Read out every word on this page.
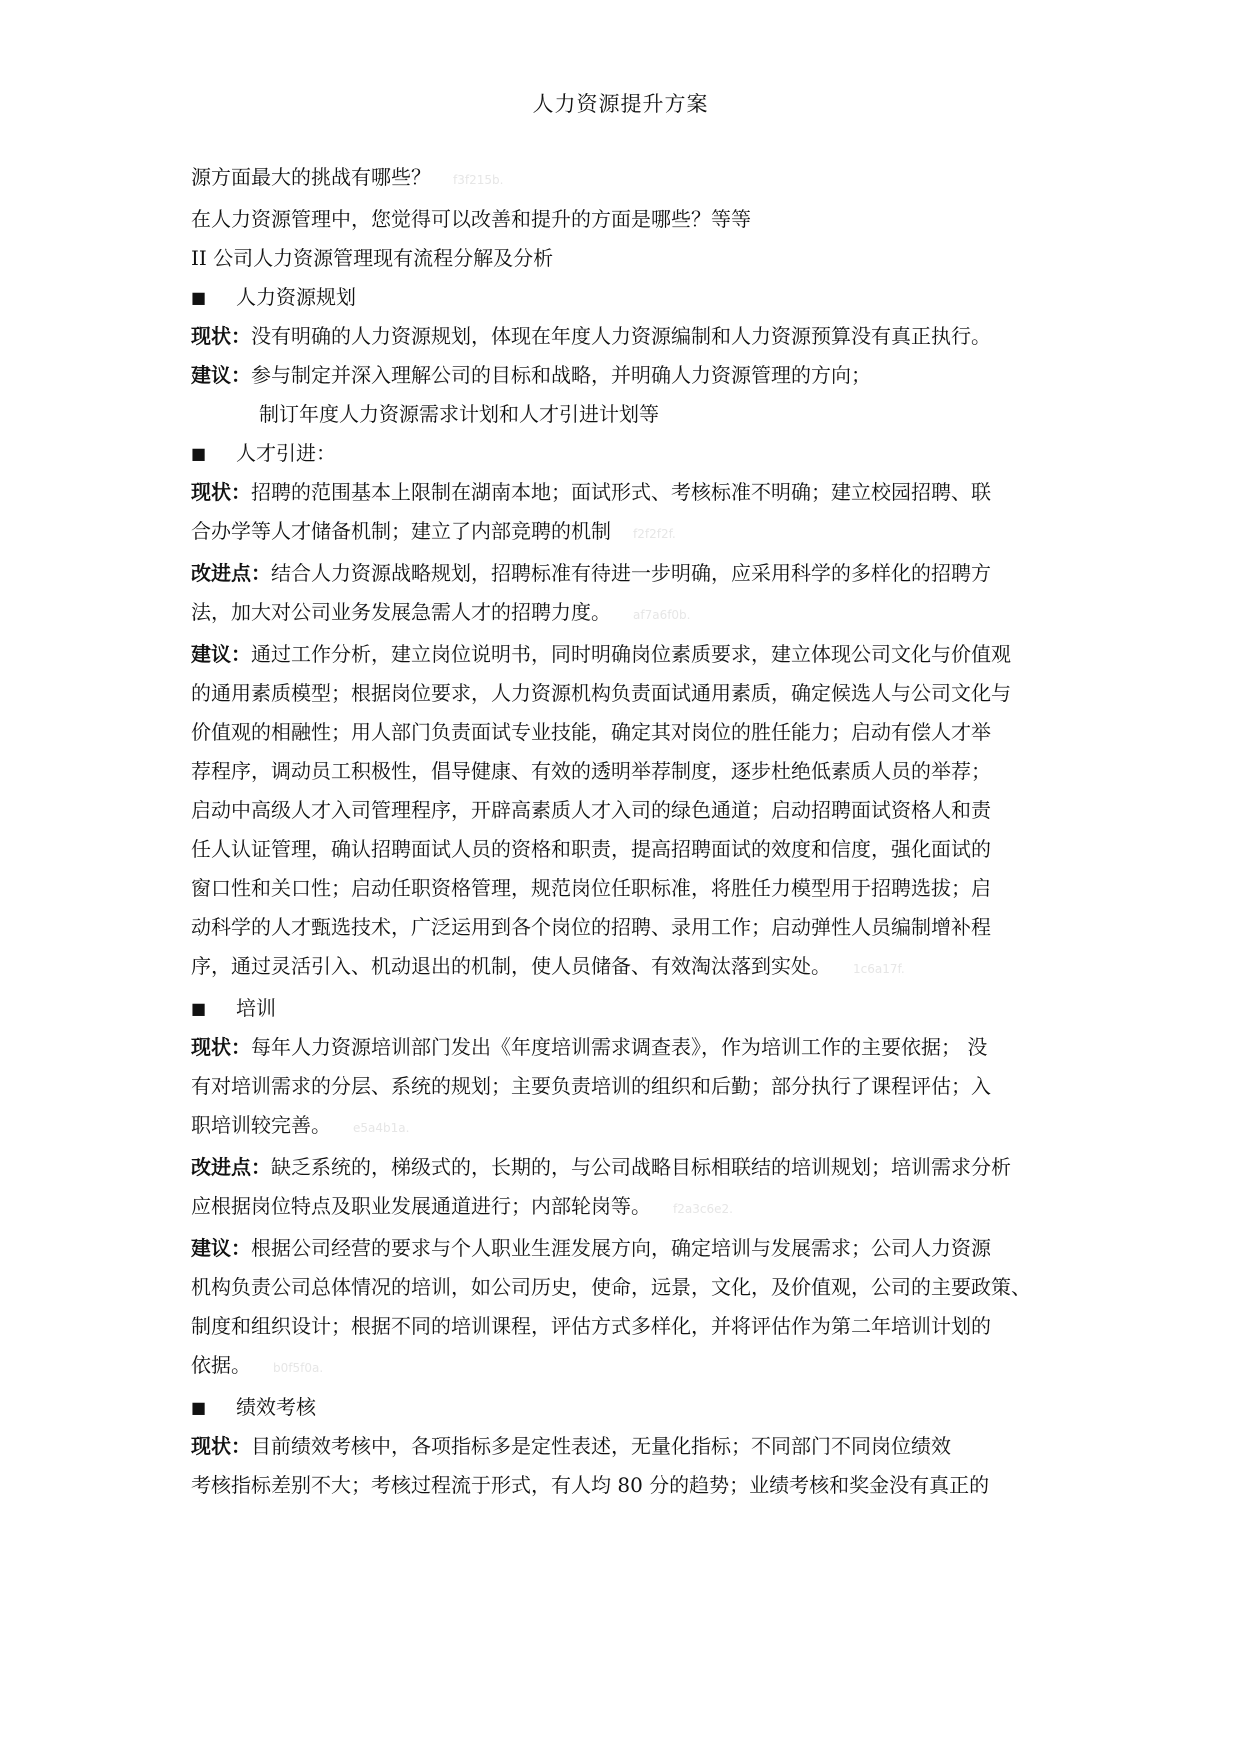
人力资源提升方案

源方面最大的挑战有哪些？ f3f215b.

在人力资源管理中，您觉得可以改善和提升的方面是哪些？等等

II 公司人力资源管理现有流程分解及分析

■ 人力资源规划

现状：没有明确的人力资源规划，体现在年度人力资源编制和人力资源预算没有真正执行。

建议：参与制定并深入理解公司的目标和战略，并明确人力资源管理的方向；

制订年度人力资源需求计划和人才引进计划等

■ 人才引进：

现状：招聘的范围基本上限制在湖南本地；面试形式、考核标准不明确；建立校园招聘、联

合办学等人才储备机制；建立了内部竞聘的机制 f2f2f2f.

改进点：结合人力资源战略规划，招聘标准有待进一步明确，应采用科学的多样化的招聘方

法，加大对公司业务发展急需人才的招聘力度。 af7a6f0b.

建议：通过工作分析，建立岗位说明书，同时明确岗位素质要求，建立体现公司文化与价值观

的通用素质模型；根据岗位要求，人力资源机构负责面试通用素质，确定候选人与公司文化与

价值观的相融性；用人部门负责面试专业技能，确定其对岗位的胜任能力；启动有偿人才举

荐程序，调动员工积极性，倡导健康、有效的透明举荐制度，逐步杜绝低素质人员的举荐；

启动中高级人才入司管理程序，开辟高素质人才入司的绿色通道；启动招聘面试资格人和责

任人认证管理，确认招聘面试人员的资格和职责，提高招聘面试的效度和信度，强化面试的

窗口性和关口性；启动任职资格管理，规范岗位任职标准，将胜任力模型用于招聘选拔；启

动科学的人才甄选技术，广泛运用到各个岗位的招聘、录用工作；启动弹性人员编制增补程

序，通过灵活引入、机动退出的机制，使人员储备、有效淘汰落到实处。 1c6a17f.

■ 培训

现状：每年人力资源培训部门发出《年度培训需求调查表》，作为培训工作的主要依据； 没

有对培训需求的分层、系统的规划；主要负责培训的组织和后勤；部分执行了课程评估；入

职培训较完善。 e5a4b1a.

改进点：缺乏系统的，梯级式的，长期的，与公司战略目标相联结的培训规划；培训需求分析

应根据岗位特点及职业发展通道进行；内部轮岗等。 f2a3c6e2.

建议：根据公司经营的要求与个人职业生涯发展方向，确定培训与发展需求；公司人力资源

机构负责公司总体情况的培训，如公司历史，使命，远景，文化，及价值观，公司的主要政策、

制度和组织设计；根据不同的培训课程，评估方式多样化，并将评估作为第二年培训计划的

依据。 b0f5f0a.

■ 绩效考核

现状：目前绩效考核中，各项指标多是定性表述，无量化指标；不同部门不同岗位绩效

考核指标差别不大；考核过程流于形式，有人均 80 分的趋势；业绩考核和奖金没有真正的
